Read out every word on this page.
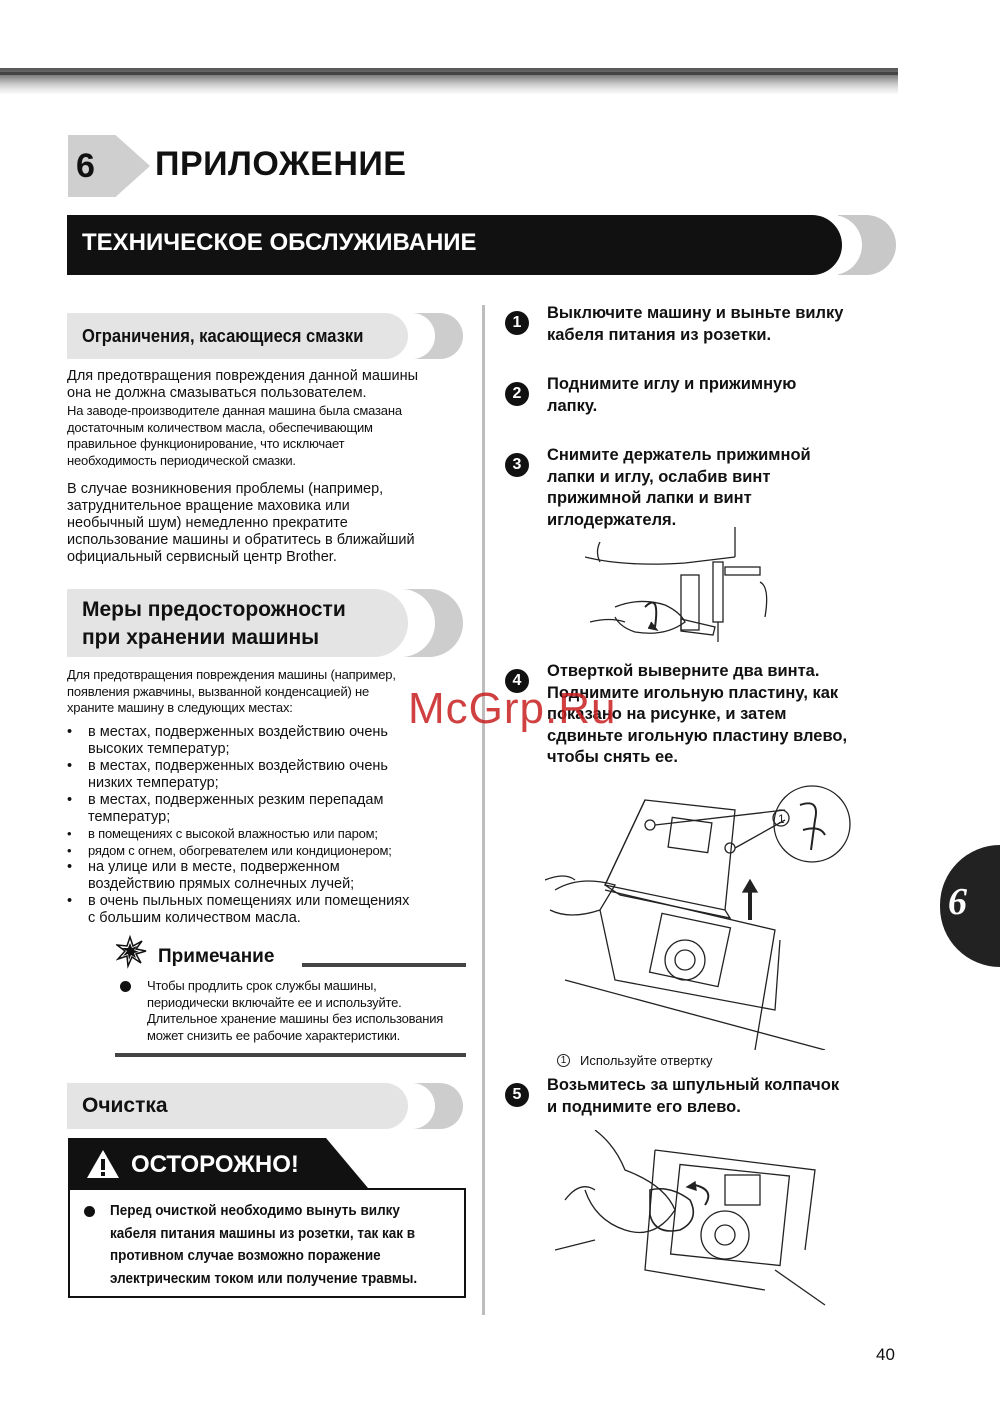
6 ПРИЛОЖЕНИЕ
ТЕХНИЧЕСКОЕ ОБСЛУЖИВАНИЕ
Ограничения, касающиеся смазки
Для предотвращения повреждения данной машины
она не должна смазываться пользователем.
На заводе-производителе данная машина была смазана
достаточным количеством масла, обеспечивающим
правильное функционирование, что исключает
необходимость периодической смазки.
В случае возникновения проблемы (например,
затруднительное вращение маховика или
необычный шум) немедленно прекратите
использование машины и обратитесь в ближайший
официальный сервисный центр Brother.
Меры предосторожности
при хранении машины
Для предотвращения повреждения машины (например,
появления ржавчины, вызванной конденсацией) не
храните машину в следующих местах:
• в местах, подверженных воздействию очень
высоких температур;
• в местах, подверженных воздействию очень
низких температур;
• в местах, подверженных резким перепадам
температур;
• в помещениях с высокой влажностью или паром;
• рядом с огнем, обогревателем или кондиционером;
• на улице или в месте, подверженном
воздействию прямых солнечных лучей;
• в очень пыльных помещениях или помещениях
с большим количеством масла.
Примечание
Чтобы продлить срок службы машины,
периодически включайте ее и используйте.
Длительное хранение машины без использования
может снизить ее рабочие характеристики.
Очистка
ОСТОРОЖНО!
Перед очисткой необходимо вынуть вилку
кабеля питания машины из розетки, так как в
противном случае возможно поражение
электрическим током или получение травмы.
1
Выключите машину и выньте вилку
кабеля питания из розетки.
2
Поднимите иглу и прижимную
лапку.
3
Снимите держатель прижимной
лапки и иглу, ослабив винт
прижимной лапки и винт
иглодержателя.
4
Отверткой выверните два винта.
Поднимите игольную пластину, как
показано на рисунке, и затем
сдвиньте игольную пластину влево,
чтобы снять ее.
1
1 Используйте отвертку
5
Возьмитесь за шпульный колпачок
и поднимите его влево.
6
40
McGrp.Ru
